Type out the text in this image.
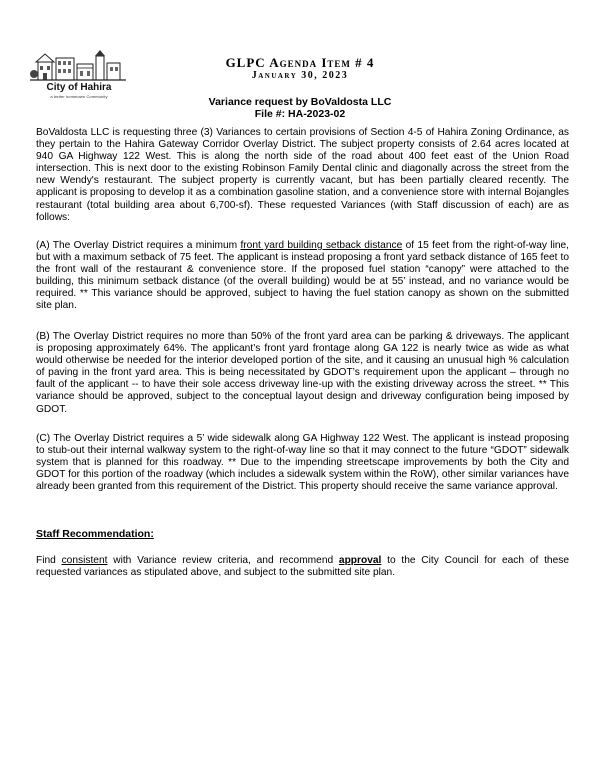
City of Hahira
a better hometown Community
GLPC Agenda Item # 4
January 30, 2023
Variance request by BoValdosta LLC
File #: HA-2023-02

BoValdosta LLC is requesting three (3) Variances to certain provisions of Section 4-5 of Hahira Zoning Ordinance, as they pertain to the Hahira Gateway Corridor Overlay District. The subject property consists of 2.64 acres located at 940 GA Highway 122 West. This is along the north side of the road about 400 feet east of the Union Road intersection. This is next door to the existing Robinson Family Dental clinic and diagonally across the street from the new Wendy's restaurant. The subject property is currently vacant, but has been partially cleared recently. The applicant is proposing to develop it as a combination gasoline station, and a convenience store with internal Bojangles restaurant (total building area about 6,700-sf). These requested Variances (with Staff discussion of each) are as follows:

(A) The Overlay District requires a minimum front yard building setback distance of 15 feet from the right-of-way line, but with a maximum setback of 75 feet. The applicant is instead proposing a front yard setback distance of 165 feet to the front wall of the restaurant & convenience store. If the proposed fuel station “canopy” were attached to the building, this minimum setback distance (of the overall building) would be at 55’ instead, and no variance would be required. ** This variance should be approved, subject to having the fuel station canopy as shown on the submitted site plan.

(B) The Overlay District requires no more than 50% of the front yard area can be parking & driveways. The applicant is proposing approximately 64%. The applicant’s front yard frontage along GA 122 is nearly twice as wide as what would otherwise be needed for the interior developed portion of the site, and it causing an unusual high % calculation of paving in the front yard area. This is being necessitated by GDOT’s requirement upon the applicant – through no fault of the applicant -- to have their sole access driveway line-up with the existing driveway across the street. ** This variance should be approved, subject to the conceptual layout design and driveway configuration being imposed by GDOT.

(C) The Overlay District requires a 5’ wide sidewalk along GA Highway 122 West. The applicant is instead proposing to stub-out their internal walkway system to the right-of-way line so that it may connect to the future “GDOT” sidewalk system that is planned for this roadway. ** Due to the impending streetscape improvements by both the City and GDOT for this portion of the roadway (which includes a sidewalk system within the RoW), other similar variances have already been granted from this requirement of the District. This property should receive the same variance approval.

Staff Recommendation:

Find consistent with Variance review criteria, and recommend approval to the City Council for each of these requested variances as stipulated above, and subject to the submitted site plan.
